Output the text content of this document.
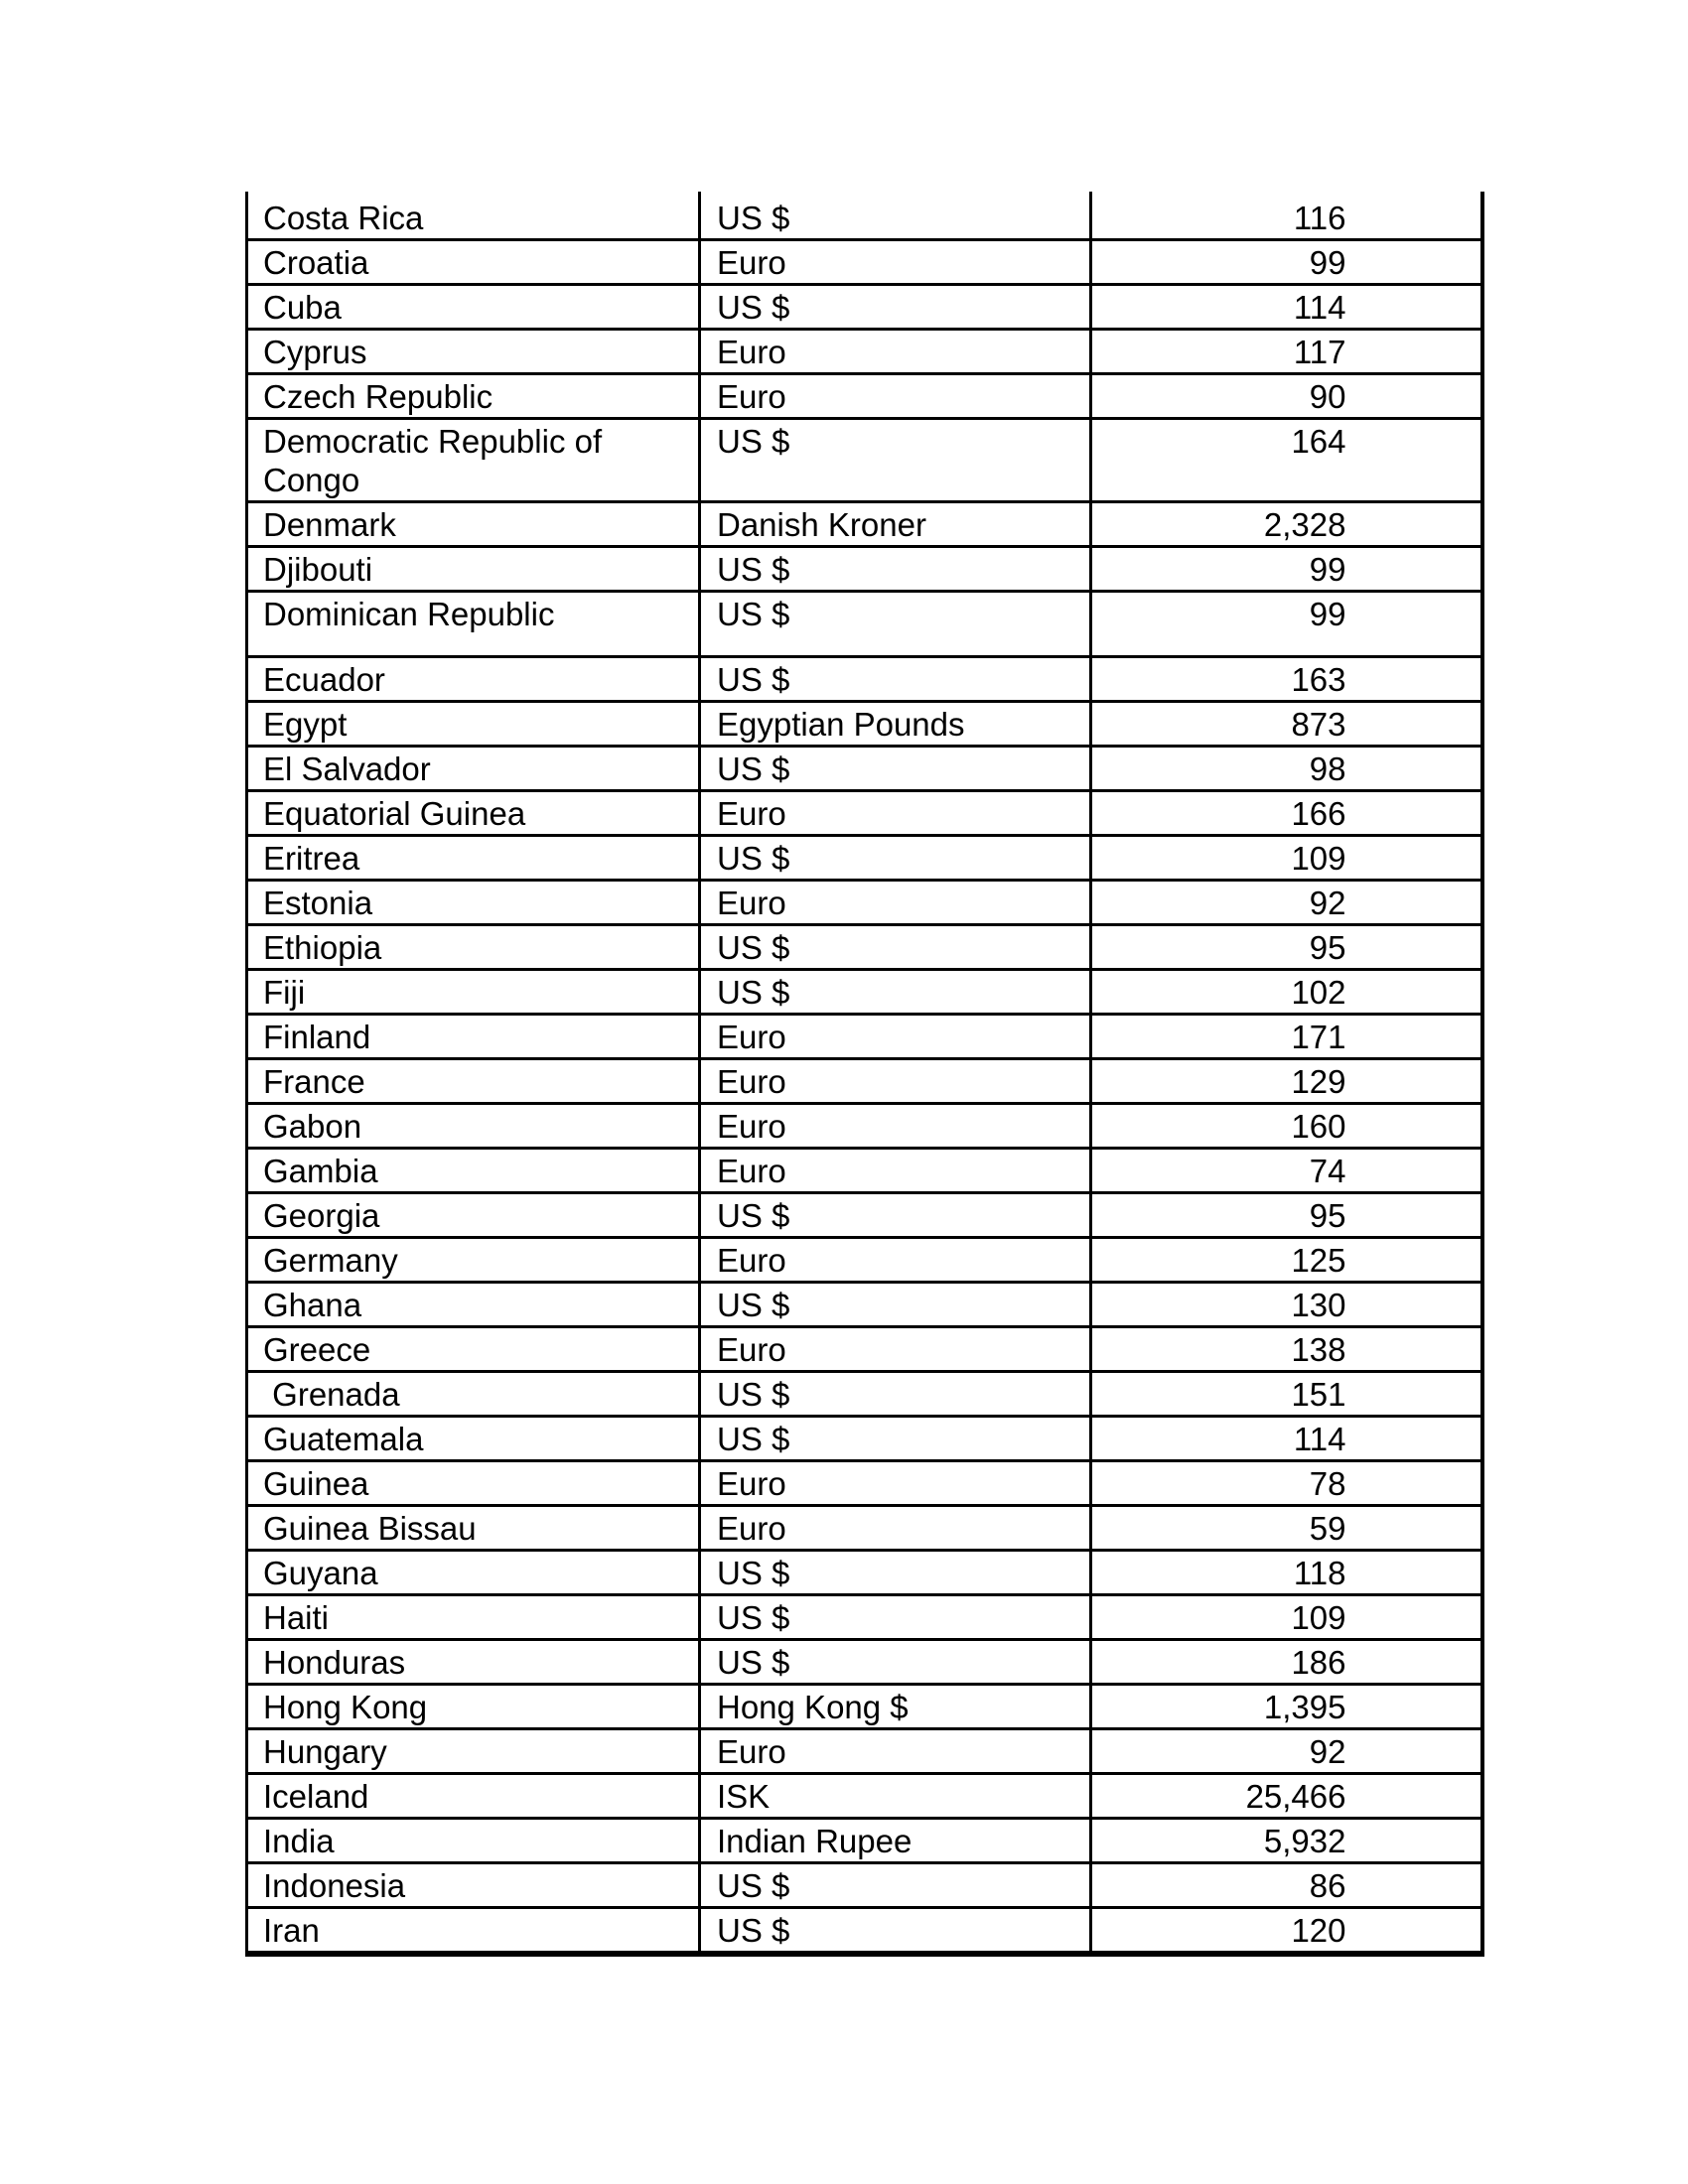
Costa Rica	US $	116
Croatia	Euro	99
Cuba	US $	114
Cyprus	Euro	117
Czech Republic	Euro	90
Democratic Republic of Congo	US $	164
Denmark	Danish Kroner	2,328
Djibouti	US $	99
Dominican Republic	US $	99
Ecuador	US $	163
Egypt	Egyptian Pounds	873
El Salvador	US $	98
Equatorial Guinea	Euro	166
Eritrea	US $	109
Estonia	Euro	92
Ethiopia	US $	95
Fiji	US $	102
Finland	Euro	171
France	Euro	129
Gabon	Euro	160
Gambia	Euro	74
Georgia	US $	95
Germany	Euro	125
Ghana	US $	130
Greece	Euro	138
Grenada	US $	151
Guatemala	US $	114
Guinea	Euro	78
Guinea Bissau	Euro	59
Guyana	US $	118
Haiti	US $	109
Honduras	US $	186
Hong Kong	Hong Kong $	1,395
Hungary	Euro	92
Iceland	ISK	25,466
India	Indian Rupee	5,932
Indonesia	US $	86
Iran	US $	120
